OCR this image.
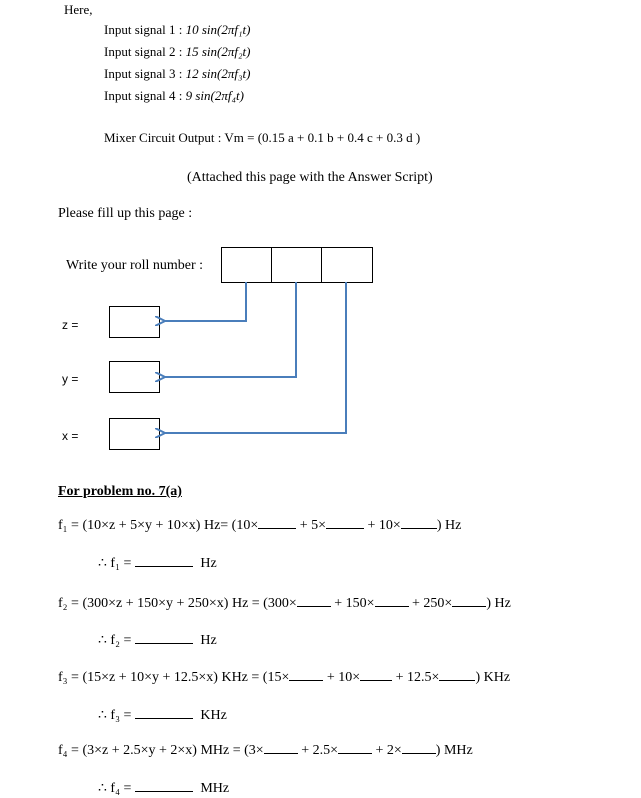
Here,
Input signal 1 : 10 sin(2πf₁t)
Input signal 2 : 15 sin(2πf₂t)
Input signal 3 : 12 sin(2πf₃t)
Input signal 4 : 9 sin(2πf₄t)
Mixer Circuit Output : Vm = (0.15 a + 0.1 b + 0.4 c + 0.3 d )
(Attached this page with the Answer Script)
Please fill up this page :
Write your roll number :
z =
y =
x =
For problem no. 7(a)
f₁ = (10×z + 5×y + 10×x) Hz= (10×	+ 5×	+ 10×	) Hz
∴ f₁ =	Hz
f₂ = (300×z + 150×y + 250×x) Hz = (300×	+ 150×	+ 250× ) Hz
∴ f₂ =	Hz
f₃ = (15×z + 10×y + 12.5×x) KHz = (15×	+ 10×	+ 12.5×	) KHz
∴ f₃ =	KHz
f₄ = (3×z + 2.5×y + 2×x) MHz = (3×	+ 2.5×	+ 2× ) MHz
∴ f₄ =	MHz
